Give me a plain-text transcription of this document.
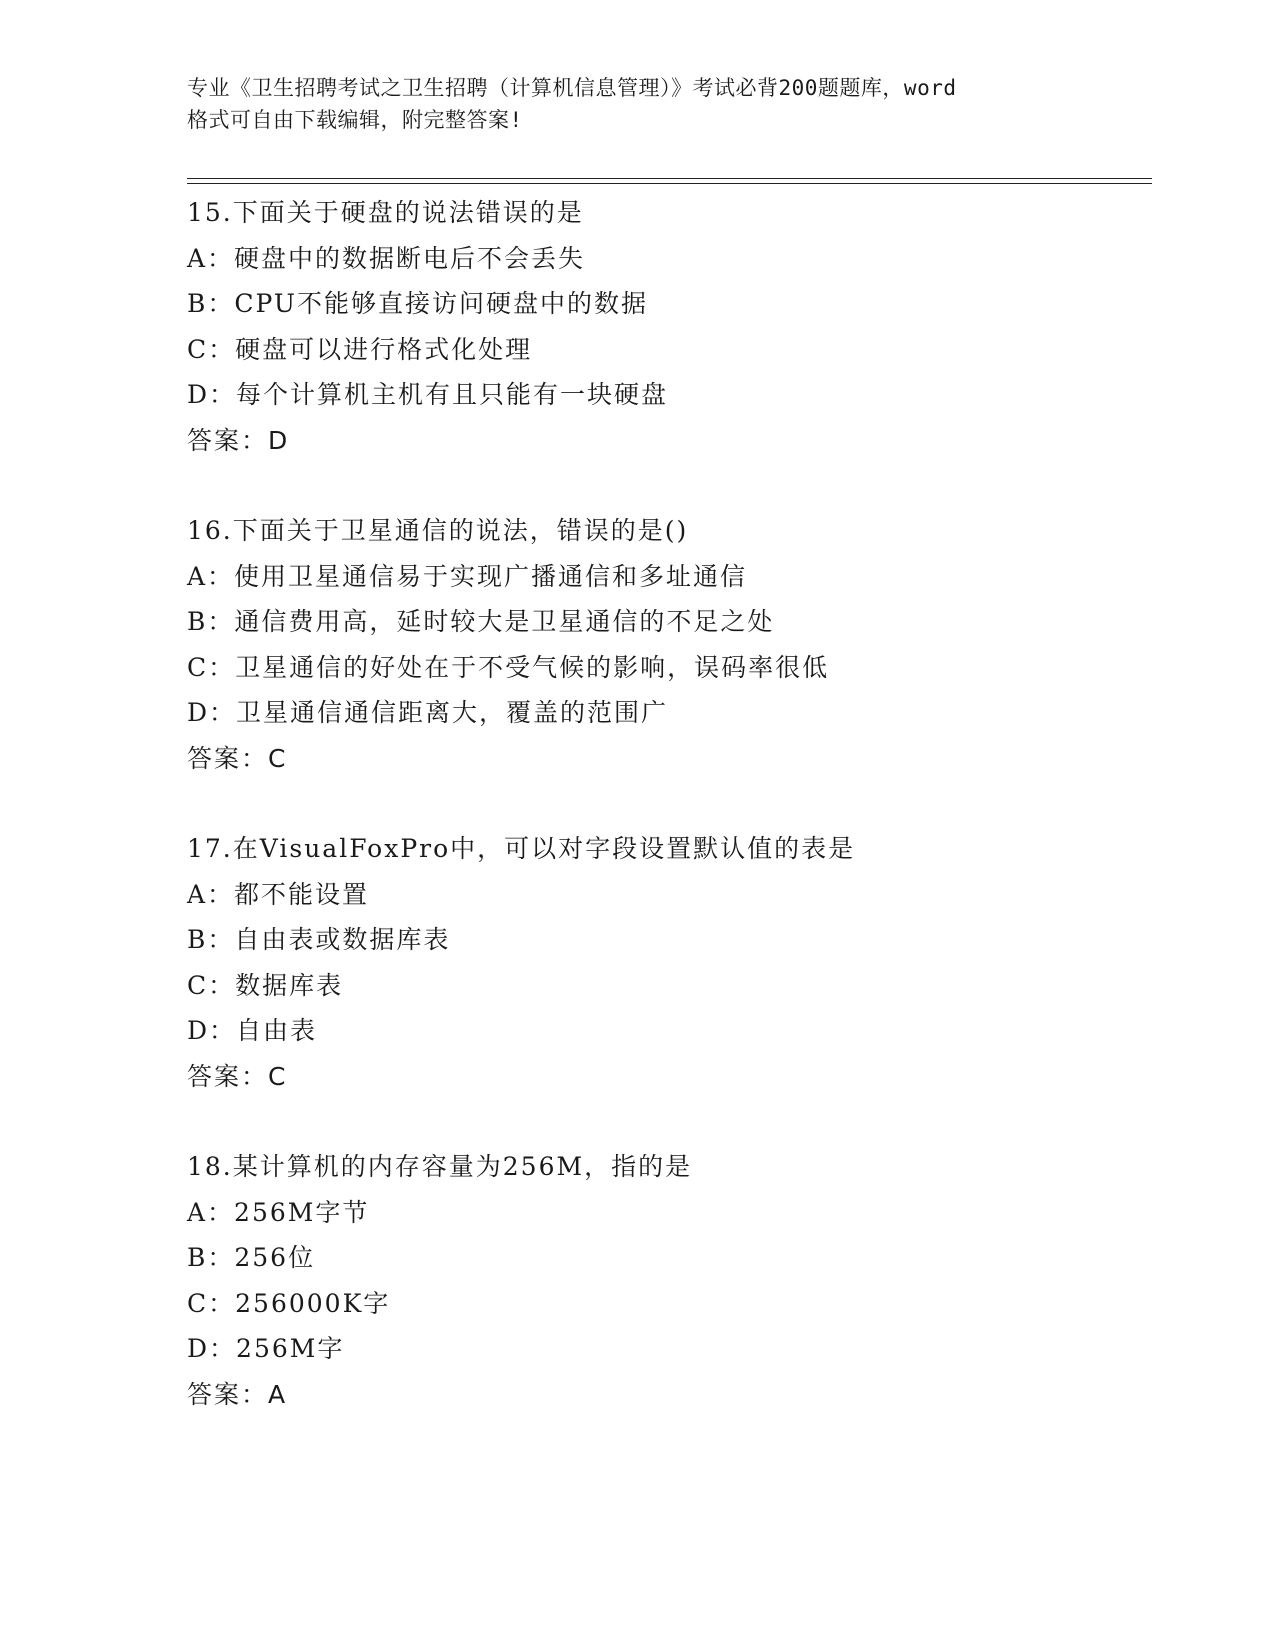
专业《卫生招聘考试之卫生招聘（计算机信息管理）》考试必背200题题库，word
格式可自由下载编辑，附完整答案!
15.下面关于硬盘的说法错误的是
A：硬盘中的数据断电后不会丢失
B：CPU不能够直接访问硬盘中的数据
C：硬盘可以进行格式化处理
D：每个计算机主机有且只能有一块硬盘
答案：D
16.下面关于卫星通信的说法，错误的是()
A：使用卫星通信易于实现广播通信和多址通信
B：通信费用高，延时较大是卫星通信的不足之处
C：卫星通信的好处在于不受气候的影响，误码率很低
D：卫星通信通信距离大，覆盖的范围广
答案：C
17.在VisualFoxPro中，可以对字段设置默认值的表是
A：都不能设置
B：自由表或数据库表
C：数据库表
D：自由表
答案：C
18.某计算机的内存容量为256M，指的是
A：256M字节
B：256位
C：256000K字
D：256M字
答案：A
